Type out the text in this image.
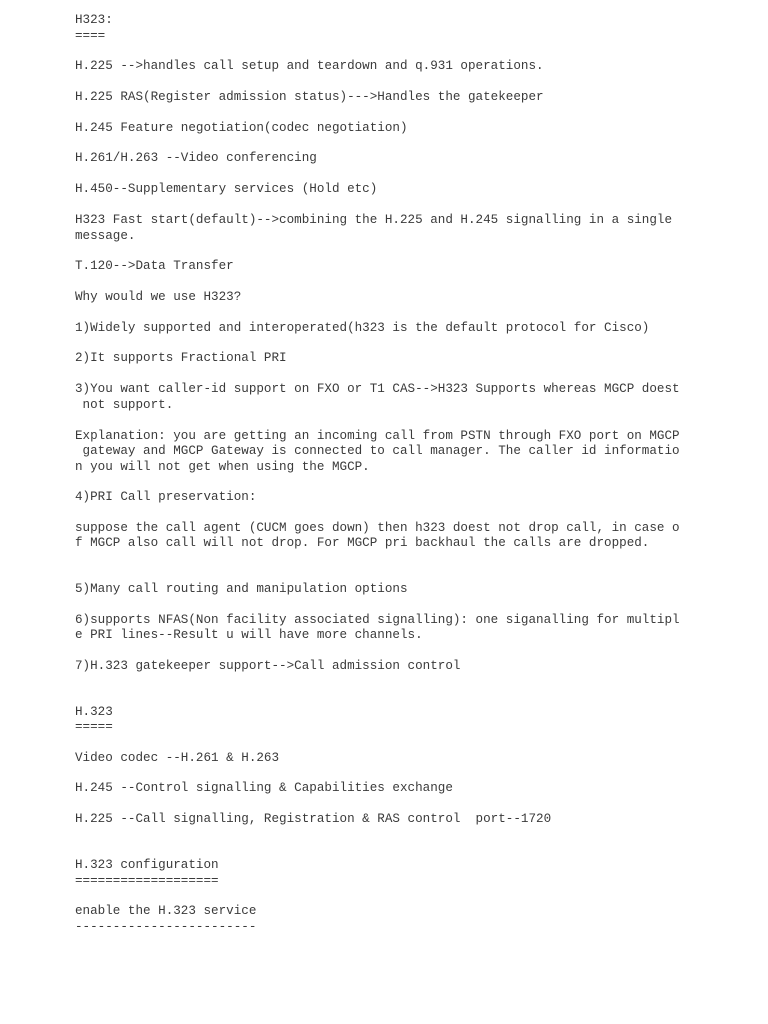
H323:

====

H.225 -->handles call setup and teardown and q.931 operations.

H.225 RAS(Register admission status)--->Handles the gatekeeper

H.245 Feature negotiation(codec negotiation)

H.261/H.263 --Video conferencing

H.450--Supplementary services (Hold etc)

H323 Fast start(default)-->combining the H.225 and H.245 signalling in a single

message.

T.120-->Data Transfer

Why would we use H323?

1)Widely supported and interoperated(h323 is the default protocol for Cisco)

2)It supports Fractional PRI

3)You want caller-id support on FXO or T1 CAS-->H323 Supports whereas MGCP doest

not support.

Explanation: you are getting an incoming call from PSTN through FXO port on MGCP

gateway and MGCP Gateway is connected to call manager. The caller id informatio

n you will not get when using the MGCP.

4)PRI Call preservation:

suppose the call agent (CUCM goes down) then h323 doest not drop call, in case o

f MGCP also call will not drop. For MGCP pri backhaul the calls are dropped.

5)Many call routing and manipulation options

6)supports NFAS(Non facility associated signalling): one siganalling for multipl

e PRI lines--Result u will have more channels.

7)H.323 gatekeeper support-->Call admission control

H.323

=====

Video codec --H.261 & H.263

H.245 --Control signalling & Capabilities exchange

H.225 --Call signalling, Registration & RAS control  port--1720

H.323 configuration

===================

enable the H.323 service

------------------------
